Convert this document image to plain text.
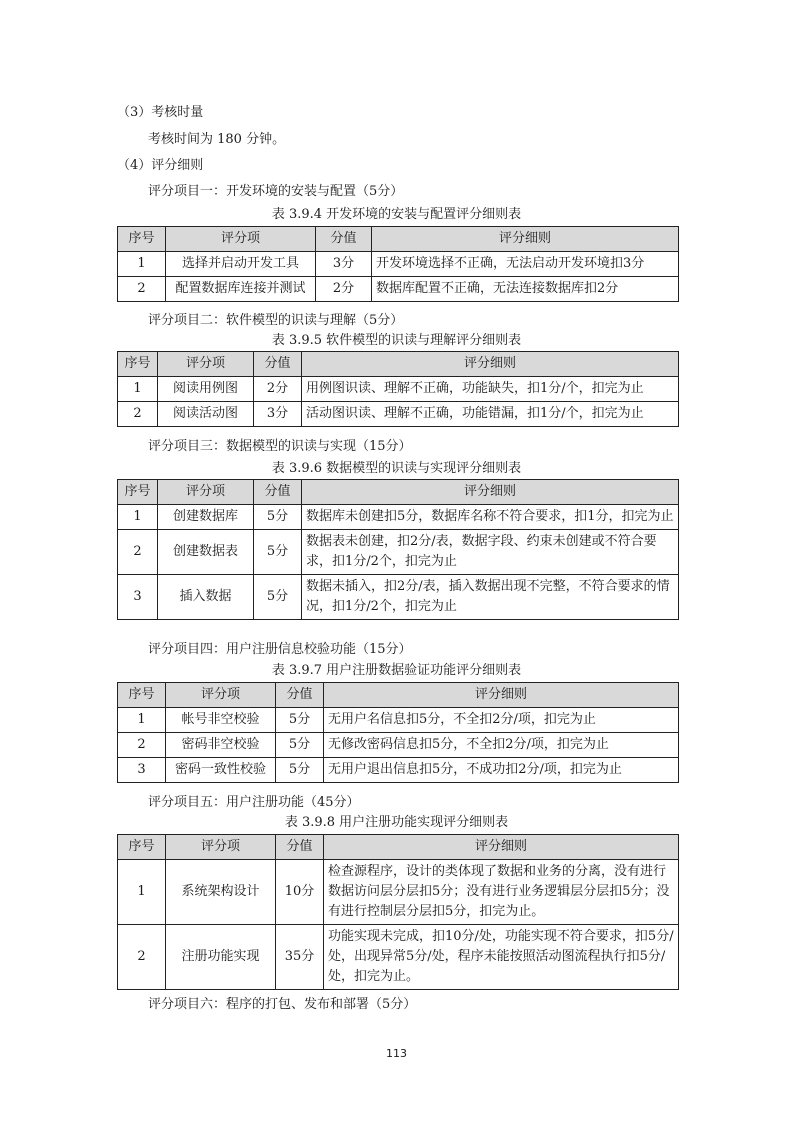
（3）考核时量
考核时间为 180 分钟。
（4）评分细则
评分项目一：开发环境的安装与配置（5分）
表 3.9.4 开发环境的安装与配置评分细则表
序号	评分项	分值	评分细则
1	选择并启动开发工具	3分	开发环境选择不正确，无法启动开发环境扣3分
2	配置数据库连接并测试	2分	数据库配置不正确，无法连接数据库扣2分
评分项目二：软件模型的识读与理解（5分）
表 3.9.5 软件模型的识读与理解评分细则表
序号	评分项	分值	评分细则
1	阅读用例图	2分	用例图识读、理解不正确，功能缺失，扣1分/个，扣完为止
2	阅读活动图	3分	活动图识读、理解不正确，功能错漏，扣1分/个，扣完为止
评分项目三：数据模型的识读与实现（15分）
表 3.9.6 数据模型的识读与实现评分细则表
序号	评分项	分值	评分细则
1	创建数据库	5分	数据库未创建扣5分，数据库名称不符合要求，扣1分，扣完为止
2	创建数据表	5分	数据表未创建，扣2分/表，数据字段、约束未创建或不符合要求，扣1分/2个，扣完为止
3	插入数据	5分	数据未插入，扣2分/表，插入数据出现不完整，不符合要求的情况，扣1分/2个，扣完为止
评分项目四：用户注册信息校验功能（15分）
表 3.9.7 用户注册数据验证功能评分细则表
序号	评分项	分值	评分细则
1	帐号非空校验	5分	无用户名信息扣5分，不全扣2分/项，扣完为止
2	密码非空校验	5分	无修改密码信息扣5分，不全扣2分/项，扣完为止
3	密码一致性校验	5分	无用户退出信息扣5分，不成功扣2分/项，扣完为止
评分项目五：用户注册功能（45分）
表 3.9.8 用户注册功能实现评分细则表
序号	评分项	分值	评分细则
1	系统架构设计	10分	检查源程序，设计的类体现了数据和业务的分离，没有进行数据访问层分层扣5分；没有进行业务逻辑层分层扣5分；没有进行控制层分层扣5分，扣完为止。
2	注册功能实现	35分	功能实现未完成，扣10分/处，功能实现不符合要求，扣5分/处，出现异常5分/处，程序未能按照活动图流程执行扣5分/处，扣完为止。
评分项目六：程序的打包、发布和部署（5分）
113
